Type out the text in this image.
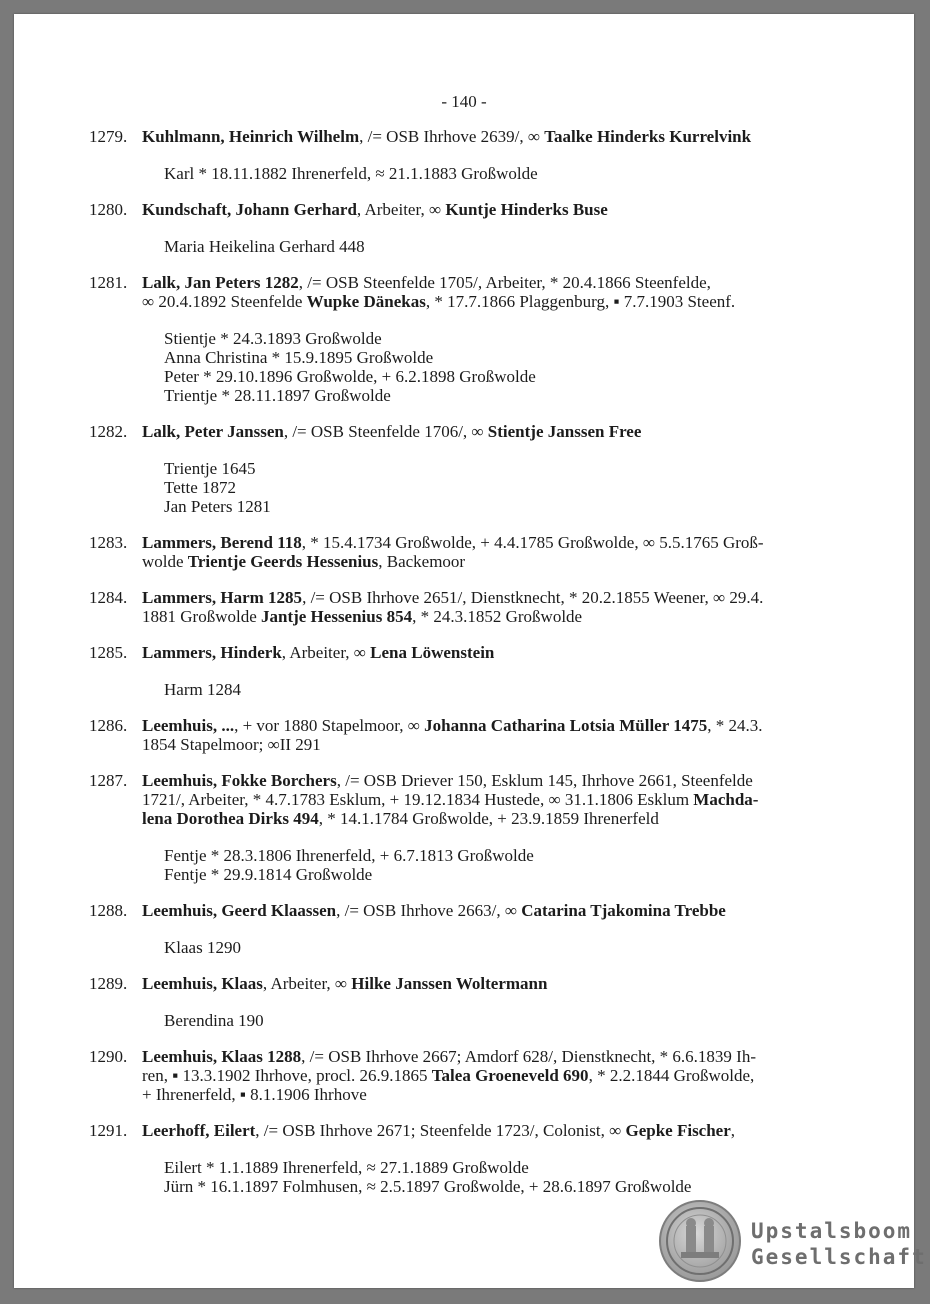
- 140 -
1279. Kuhlmann, Heinrich Wilhelm, /= OSB Ihrhove 2639/, ∞ Taalke Hinderks Kurrelvink
Karl * 18.11.1882 Ihrenerfeld, ≈ 21.1.1883 Großwolde
1280. Kundschaft, Johann Gerhard, Arbeiter, ∞ Kuntje Hinderks Buse
Maria Heikelina Gerhard 448
1281. Lalk, Jan Peters 1282, /= OSB Steenfelde 1705/, Arbeiter, * 20.4.1866 Steenfelde,
∞ 20.4.1892 Steenfelde Wupke Dänekas, * 17.7.1866 Plaggenburg, ▪ 7.7.1903 Steenf.
Stientje * 24.3.1893 Großwolde
Anna Christina * 15.9.1895 Großwolde
Peter * 29.10.1896 Großwolde, + 6.2.1898 Großwolde
Trientje * 28.11.1897 Großwolde
1282. Lalk, Peter Janssen, /= OSB Steenfelde 1706/, ∞ Stientje Janssen Free
Trientje 1645
Tette 1872
Jan Peters 1281
1283. Lammers, Berend 118, * 15.4.1734 Großwolde, + 4.4.1785 Großwolde, ∞ 5.5.1765 Groß-
wolde Trientje Geerds Hessenius, Backemoor
1284. Lammers, Harm 1285, /= OSB Ihrhove 2651/, Dienstknecht, * 20.2.1855 Weener, ∞ 29.4.
1881 Großwolde Jantje Hessenius 854, * 24.3.1852 Großwolde
1285. Lammers, Hinderk, Arbeiter, ∞ Lena Löwenstein
Harm 1284
1286. Leemhuis, ..., + vor 1880 Stapelmoor, ∞ Johanna Catharina Lotsia Müller 1475, * 24.3.
1854 Stapelmoor; ∞II 291
1287. Leemhuis, Fokke Borchers, /= OSB Driever 150, Esklum 145, Ihrhove 2661, Steenfelde
1721/, Arbeiter, * 4.7.1783 Esklum, + 19.12.1834 Hustede, ∞ 31.1.1806 Esklum Machda-
lena Dorothea Dirks 494, * 14.1.1784 Großwolde, + 23.9.1859 Ihrenerfeld
Fentje * 28.3.1806 Ihrenerfeld, + 6.7.1813 Großwolde
Fentje * 29.9.1814 Großwolde
1288. Leemhuis, Geerd Klaassen, /= OSB Ihrhove 2663/, ∞ Catarina Tjakomina Trebbe
Klaas 1290
1289. Leemhuis, Klaas, Arbeiter, ∞ Hilke Janssen Woltermann
Berendina 190
1290. Leemhuis, Klaas 1288, /= OSB Ihrhove 2667; Amdorf 628/, Dienstknecht, * 6.6.1839 Ih-
ren, ▪ 13.3.1902 Ihrhove, procl. 26.9.1865 Talea Groeneveld 690, * 2.2.1844 Großwolde,
+ Ihrenerfeld, ▪ 8.1.1906 Ihrhove
1291. Leerhoff, Eilert, /= OSB Ihrhove 2671; Steenfelde 1723/, Colonist, ∞ Gepke Fischer,
Eilert * 1.1.1889 Ihrenerfeld, ≈ 27.1.1889 Großwolde
Jürn * 16.1.1897 Folmhusen, ≈ 2.5.1897 Großwolde, + 28.6.1897 Großwolde
Upstalsboom
Gesellschaft
